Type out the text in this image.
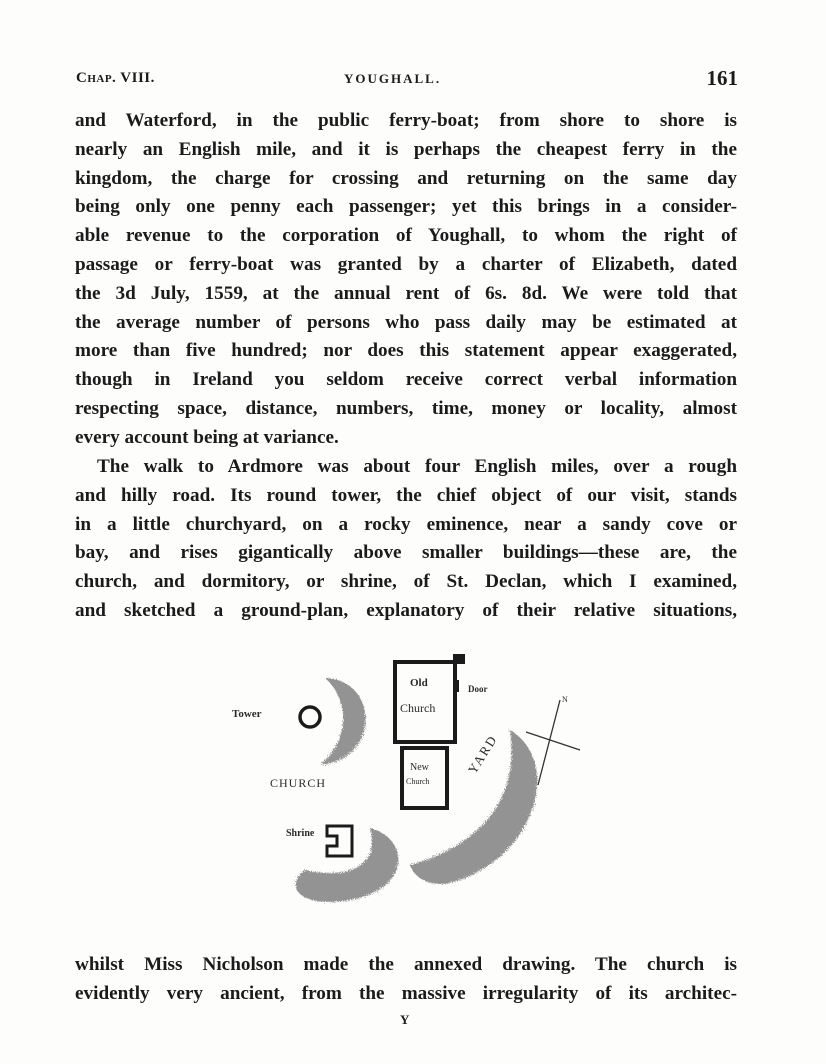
Chap. VIII.	YOUGHALL.	161
and Waterford, in the public ferry-boat; from shore to shore is
nearly an English mile, and it is perhaps the cheapest ferry in the
kingdom, the charge for crossing and returning on the same day
being only one penny each passenger; yet this brings in a consider-
able revenue to the corporation of Youghall, to whom the right of
passage or ferry-boat was granted by a charter of Elizabeth, dated
the 3d July, 1559, at the annual rent of 6s. 8d. We were told that
the average number of persons who pass daily may be estimated at
more than five hundred; nor does this statement appear exaggerated,
though in Ireland you seldom receive correct verbal information
respecting space, distance, numbers, time, money or locality, almost
every account being at variance.
The walk to Ardmore was about four English miles, over a rough
and hilly road. Its round tower, the chief object of our visit, stands
in a little churchyard, on a rocky eminence, near a sandy cove or
bay, and rises gigantically above smaller buildings—these are, the
church, and dormitory, or shrine, of St. Declan, which I examined,
and sketched a ground-plan, explanatory of their relative situations,
Tower
Old
Church
Door
New
Church
CHURCH
YARD
Shrine
N
whilst Miss Nicholson made the annexed drawing. The church is
evidently very ancient, from the massive irregularity of its architec-
Y
